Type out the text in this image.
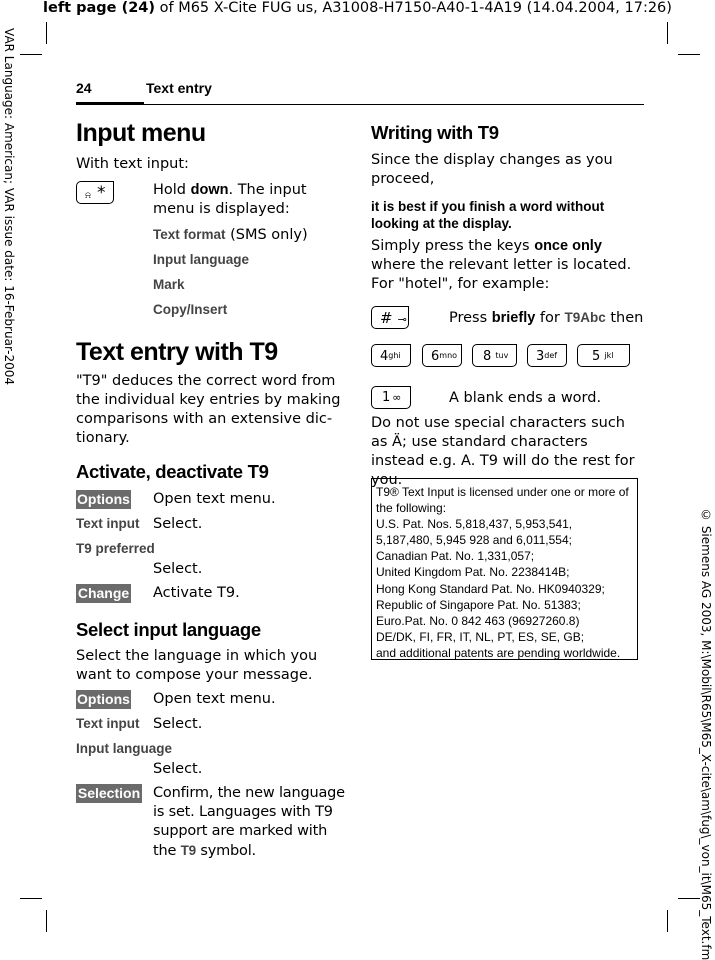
left page (24) of M65 X-Cite FUG us, A31008-H7150-A40-1-4A19 (14.04.2004, 17:26)
VAR Language: American; VAR issue date: 16-Februar-2004
© Siemens AG 2003, M:\Mobil\R65\M65_X-cite\am\fug\_von_it\M65_Text.fm
24	Text entry
Input menu
With text input:
⍾ *	Hold down. The input menu is displayed:
Text format (SMS only)
Input language
Mark
Copy/Insert
Text entry with T9
"T9" deduces the correct word from the individual key entries by making comparisons with an extensive dic-tionary.
Activate, deactivate T9
Options Open text menu.
Text input Select.
T9 preferred
Select.
Change Activate T9.
Select input language
Select the language in which you want to compose your message.
Options Open text menu.
Text input Select.
Input language
Select.
Selection Confirm, the new language is set. Languages with T9 support are marked with the T9 symbol.
Writing with T9
Since the display changes as you proceed,
it is best if you finish a word without looking at the display.
Simply press the keys once only where the relevant letter is located. For "hotel", for example:
# ⊸	Press briefly for T9Abc then
$4_{ghi}$	$6_{mno}$	8 $_{tuv}$	$3_{def}$	5 $_{jkl}$
1 ∞	A blank ends a word.
Do not use special characters such as Ä; use standard characters instead e.g. A. T9 will do the rest for you.
T9® Text Input is licensed under one or more of the following:
U.S. Pat. Nos. 5,818,437, 5,953,541,
5,187,480, 5,945 928 and 6,011,554;
Canadian Pat. No. 1,331,057;
United Kingdom Pat. No. 2238414B;
Hong Kong Standard Pat. No. HK0940329;
Republic of Singapore Pat. No. 51383;
Euro.Pat. No. 0 842 463 (96927260.8)
DE/DK, FI, FR, IT, NL, PT, ES, SE, GB;
and additional patents are pending worldwide.
